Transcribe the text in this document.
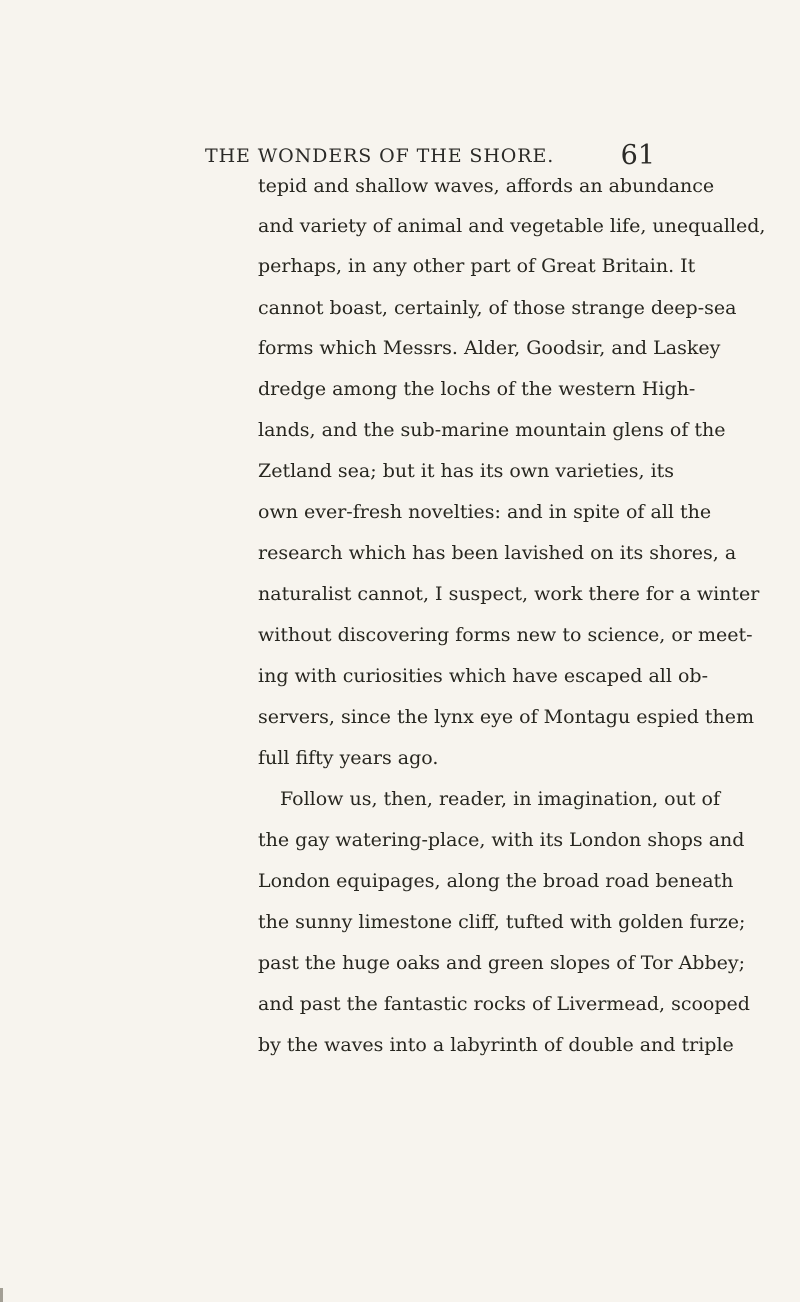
THE WONDERS OF THE SHORE. 61
tepid and shallow waves, affords an abundance
and variety of animal and vegetable life, unequalled,
perhaps, in any other part of Great Britain. It
cannot boast, certainly, of those strange deep-sea
forms which Messrs. Alder, Goodsir, and Laskey
dredge among the lochs of the western High-
lands, and the sub-marine mountain glens of the
Zetland sea; but it has its own varieties, its
own ever-fresh novelties: and in spite of all the
research which has been lavished on its shores, a
naturalist cannot, I suspect, work there for a winter
without discovering forms new to science, or meet-
ing with curiosities which have escaped all ob-
servers, since the lynx eye of Montagu espied them
full fifty years ago.
Follow us, then, reader, in imagination, out of
the gay watering-place, with its London shops and
London equipages, along the broad road beneath
the sunny limestone cliff, tufted with golden furze;
past the huge oaks and green slopes of Tor Abbey;
and past the fantastic rocks of Livermead, scooped
by the waves into a labyrinth of double and triple
